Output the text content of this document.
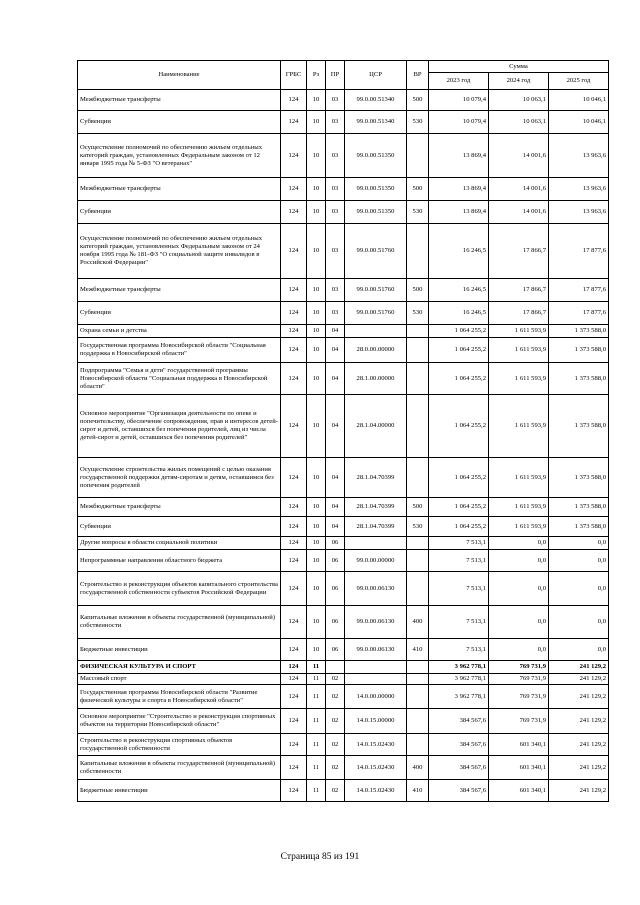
Наименование	ГРБС	Рз	ПР	ЦСР	ВР	Сумма		
						2023 год	2024 год	2025 год
Межбюджетные трансферты	124	10	03	99.0.00.51340	500	10 079,4	10 063,1	10 046,1
Субвенции	124	10	03	99.0.00.51340	530	10 079,4	10 063,1	10 046,1
Осуществление полномочий по обеспечению жильем отдельных категорий граждан, установленных Федеральным законом от 12 января 1995 года № 5-ФЗ "О ветеранах"	124	10	03	99.0.00.51350		13 869,4	14 001,6	13 963,6
Межбюджетные трансферты	124	10	03	99.0.00.51350	500	13 869,4	14 001,6	13 963,6
Субвенции	124	10	03	99.0.00.51350	530	13 869,4	14 001,6	13 963,6
Осуществление полномочий по обеспечению жильем отдельных категорий граждан, установленных Федеральным законом от 24 ноября 1995 года № 181-ФЗ "О социальной защите инвалидов в Российской Федерации"	124	10	03	99.0.00.51760		16 246,5	17 866,7	17 877,6
Межбюджетные трансферты	124	10	03	99.0.00.51760	500	16 246,5	17 866,7	17 877,6
Субвенции	124	10	03	99.0.00.51760	530	16 246,5	17 866,7	17 877,6
Охрана семьи и детства	124	10	04			1 064 255,2	1 611 593,9	1 373 588,0
Государственная программа Новосибирской области "Социальная поддержка в Новосибирской области"	124	10	04	28.0.00.00000		1 064 255,2	1 611 593,9	1 373 588,0
Подпрограмма "Семья и дети" государственной программы Новосибирской области "Социальная поддержка в Новосибирской области"	124	10	04	28.1.00.00000		1 064 255,2	1 611 593,9	1 373 588,0
Основное мероприятие "Организация деятельности по опеке и попечительству, обеспечение сопровождения, прав и интересов детей-сирот и детей, оставшихся без попечения родителей, лиц из числа детей-сирот и детей, оставшихся без попечения родителей"	124	10	04	28.1.04.00000		1 064 255,2	1 611 593,9	1 373 588,0
Осуществление строительства жилых помещений с целью оказания государственной поддержки детям-сиротам и детям, оставшимся без попечения родителей	124	10	04	28.1.04.70399		1 064 255,2	1 611 593,9	1 373 588,0
Межбюджетные трансферты	124	10	04	28.1.04.70399	500	1 064 255,2	1 611 593,9	1 373 588,0
Субвенции	124	10	04	28.1.04.70399	530	1 064 255,2	1 611 593,9	1 373 588,0
Другие вопросы в области социальной политики	124	10	06			7 513,1	0,0	0,0
Непрограммные направления областного бюджета	124	10	06	99.0.00.00000		7 513,1	0,0	0,0
Строительство и реконструкция объектов капитального строительства государственной собственности субъектов Российской Федерации	124	10	06	99.0.00.06130		7 513,1	0,0	0,0
Капитальные вложения в объекты государственной (муниципальной) собственности	124	10	06	99.0.00.06130	400	7 513,1	0,0	0,0
Бюджетные инвестиции	124	10	06	99.0.00.06130	410	7 513,1	0,0	0,0
ФИЗИЧЕСКАЯ КУЛЬТУРА И СПОРТ	124	11				3 962 778,1	769 731,9	241 129,2
Массовый спорт	124	11	02			3 962 778,1	769 731,9	241 129,2
Государственная программа Новосибирской области "Развитие физической культуры и спорта в Новосибирской области"	124	11	02	14.0.00.00000		3 962 778,1	769 731,9	241 129,2
Основное мероприятие "Строительство и реконструкция спортивных объектов на территории Новосибирской области"	124	11	02	14.0.15.00000		384 567,6	769 731,9	241 129,2
Строительство и реконструкция спортивных объектов государственной собственности	124	11	02	14.0.15.02430		384 567,6	601 340,1	241 129,2
Капитальные вложения в объекты государственной (муниципальной) собственности	124	11	02	14.0.15.02430	400	384 567,6	601 340,1	241 129,2
Бюджетные инвестиции	124	11	02	14.0.15.02430	410	384 567,6	601 340,1	241 129,2
Страница 85 из 191
